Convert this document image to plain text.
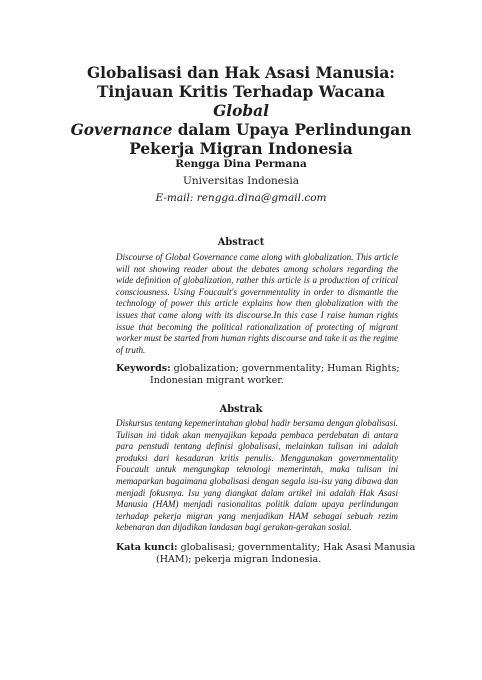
Globalisasi dan Hak Asasi Manusia:
Tinjauan Kritis Terhadap Wacana Global
Governance dalam Upaya Perlindungan
Pekerja Migran Indonesia
Rengga Dina Permana
Universitas Indonesia
E-mail: rengga.dina@gmail.com
Abstract
Discourse of Global Governance came along with globalization. This article will not showing reader about the debates among scholars regarding the wide definition of globalization, rather this article is a production of critical consciousness. Using Foucault's governmentality in order to dismantle the technology of power this article explains how then globalization with the issues that came along with its discourse.In this case I raise human rights issue that becoming the political rationalization of protecting of migrant worker must be started from human rights discourse and take it as the regime of truth.
Keywords: globalization; governmentality; Human Rights;
Indonesian migrant worker.
Abstrak
Diskursus tentang kepemerintahan global hadir bersama dengan globalisasi. Tulisan ini tidak akan menyajikan kepada pembaca perdebatan di antara para penstudi tentang definisi globalisasi, melainkan tulisan ini adalah produksi dari kesadaran kritis penulis. Menggunakan governmentality Foucault untuk mengungkap teknologi memerintah, maka tulisan ini memaparkan bagaimana globalisasi dengan segala isu-isu yang dibawa dan menjadi fokusnya. Isu yang diangkat dalam artikel ini adalah Hak Asasi Manusia (HAM) menjadi rasionalitas politik dalam upaya perlindungan terhadap pekerja migran yang menjadikan HAM sebagai sebuah rezim kebenaran dan dijadikan landasan bagi gerakan-gerakan sosial.
Kata kunci: globalisasi; governmentality; Hak Asasi Manusia
(HAM); pekerja migran Indonesia.
